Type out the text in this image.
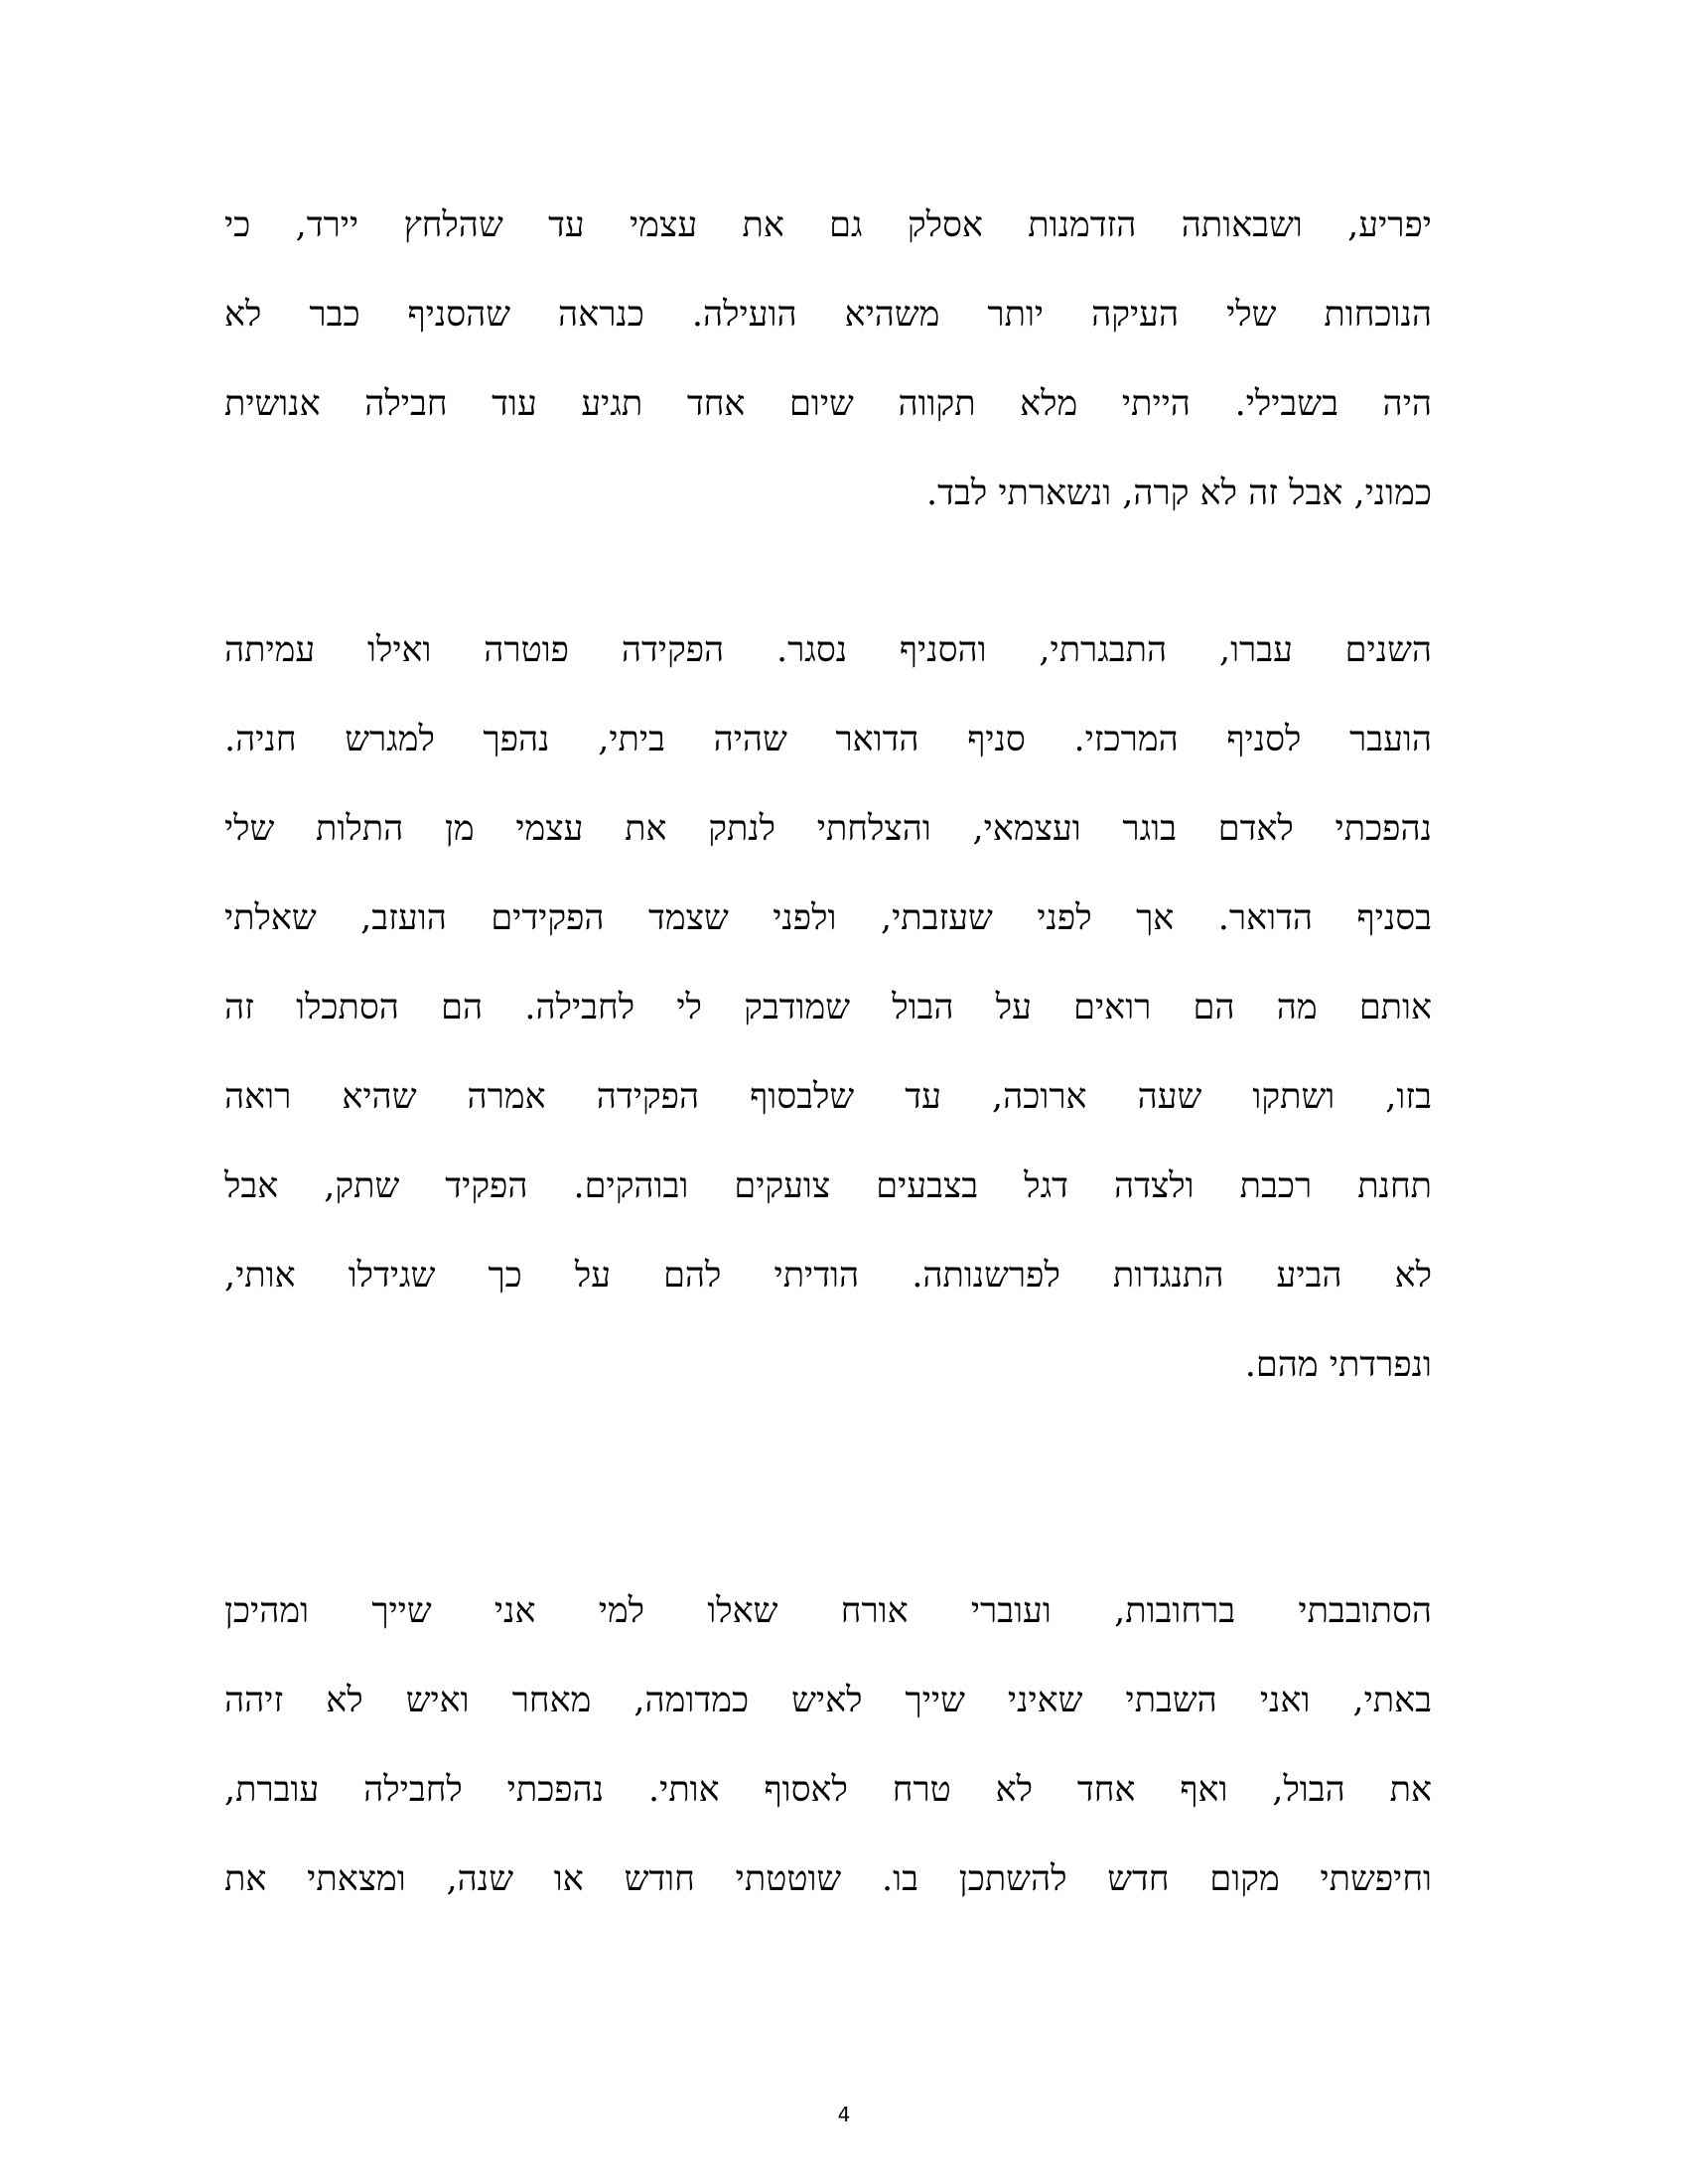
יפריע, ושבאותה הזדמנות אסלק גם את עצמי עד שהלחץ יירד, כי
הנוכחות שלי העיקה יותר משהיא הועילה. כנראה שהסניף כבר לא
היה בשבילי. הייתי מלא תקווה שיום אחד תגיע עוד חבילה אנושית
כמוני, אבל זה לא קרה, ונשארתי לבד.
השנים עברו, התבגרתי, והסניף נסגר. הפקידה פוטרה ואילו עמיתה
הועבר לסניף המרכזי. סניף הדואר שהיה ביתי, נהפך למגרש חניה.
נהפכתי לאדם בוגר ועצמאי, והצלחתי לנתק את עצמי מן התלות שלי
בסניף הדואר. אך לפני שעזבתי, ולפני שצמד הפקידים הועזב, שאלתי
אותם מה הם רואים על הבול שמודבק לי לחבילה. הם הסתכלו זה
בזו, ושתקו שעה ארוכה, עד שלבסוף הפקידה אמרה שהיא רואה
תחנת רכבת ולצדה דגל בצבעים צועקים ובוהקים. הפקיד שתק, אבל
לא הביע התנגדות לפרשנותה. הודיתי להם על כך שגידלו אותי,
ונפרדתי מהם.
הסתובבתי ברחובות, ועוברי אורח שאלו למי אני שייך ומהיכן
באתי, ואני השבתי שאיני שייך לאיש כמדומה, מאחר ואיש לא זיהה
את הבול, ואף אחד לא טרח לאסוף אותי. נהפכתי לחבילה עוברת,
וחיפשתי מקום חדש להשתכן בו. שוטטתי חודש או שנה, ומצאתי את
4
